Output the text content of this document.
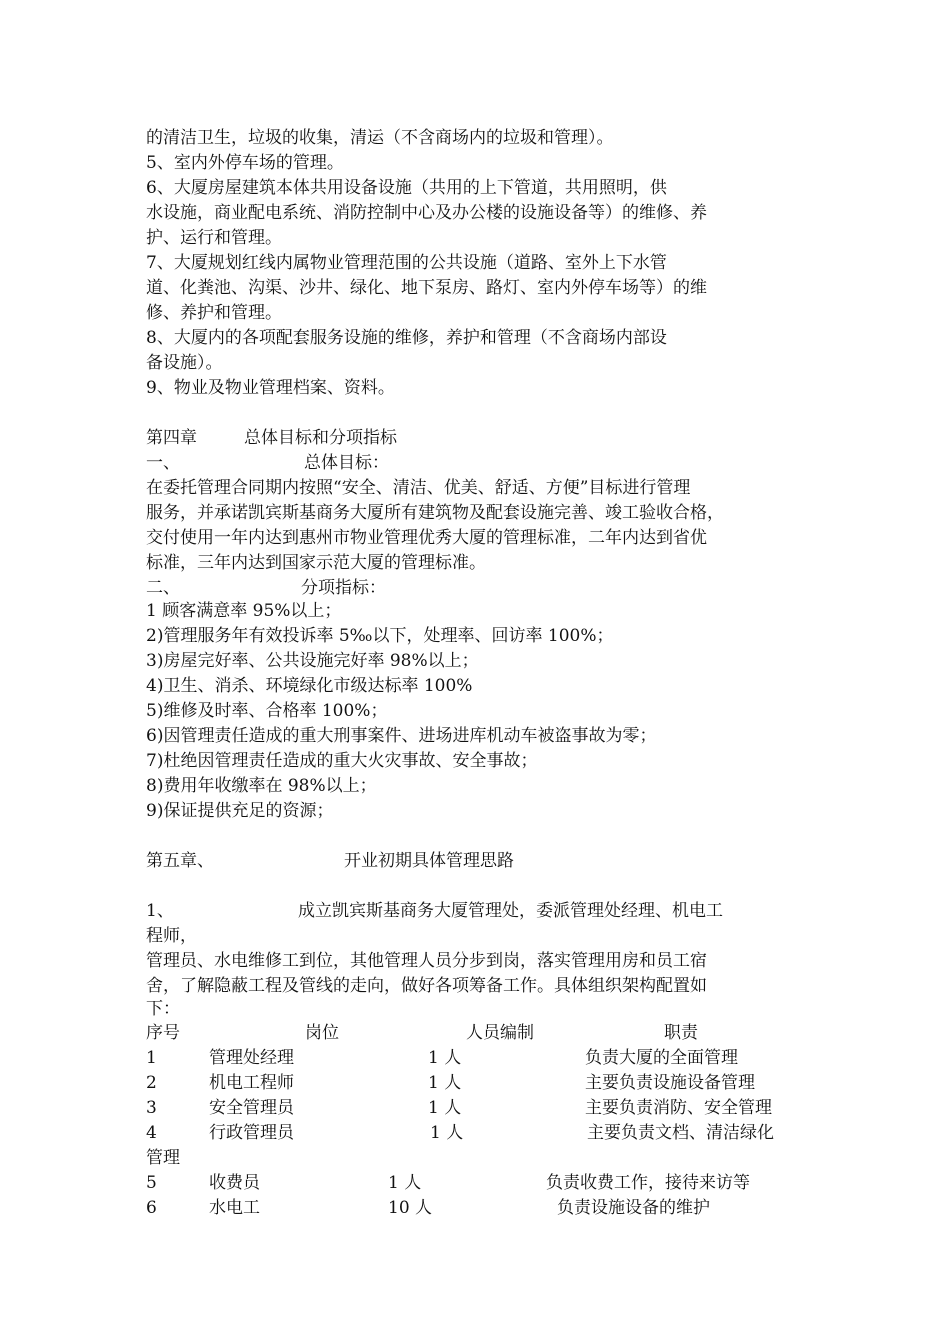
的清洁卫生，垃圾的收集，清运（不含商场内的垃圾和管理）。

5、室内外停车场的管理。

6、大厦房屋建筑本体共用设备设施（共用的上下管道，共用照明，供

水设施，商业配电系统、消防控制中心及办公楼的设施设备等）的维修、养

护、运行和管理。

7、大厦规划红线内属物业管理范围的公共设施（道路、室外上下水管

道、化粪池、沟渠、沙井、绿化、地下泵房、路灯、室内外停车场等）的维

修、养护和管理。

8、大厦内的各项配套服务设施的维修，养护和管理（不含商场内部设

备设施）。

9、物业及物业管理档案、资料。

第四章	总体目标和分项指标

一、	总体目标：

在委托管理合同期内按照“安全、清洁、优美、舒适、方便”目标进行管理

服务，并承诺凯宾斯基商务大厦所有建筑物及配套设施完善、竣工验收合格，

交付使用一年内达到惠州市物业管理优秀大厦的管理标准，二年内达到省优

标准，三年内达到国家示范大厦的管理标准。

二、	分项指标：

1 顾客满意率 95%以上；

2)管理服务年有效投诉率 5‰以下，处理率、回访率 100%；

3)房屋完好率、公共设施完好率 98%以上；

4)卫生、消杀、环境绿化市级达标率 100%

5)维修及时率、合格率 100%；

6)因管理责任造成的重大刑事案件、进场进库机动车被盗事故为零；

7)杜绝因管理责任造成的重大火灾事故、安全事故；

8)费用年收缴率在 98%以上；

9)保证提供充足的资源；

第五章、	开业初期具体管理思路

1、	成立凯宾斯基商务大厦管理处，委派管理处经理、机电工

程师，

管理员、水电维修工到位，其他管理人员分步到岗，落实管理用房和员工宿

舍，了解隐蔽工程及管线的走向，做好各项筹备工作。具体组织架构配置如

下：

序号	岗位	人员编制	职责

1	管理处经理	1 人	负责大厦的全面管理

2	机电工程师	1 人	主要负责设施设备管理

3	安全管理员	1 人	主要负责消防、安全管理

4	行政管理员	1 人	主要负责文档、清洁绿化

管理

5	收费员	1 人	负责收费工作，接待来访等

6	水电工	10 人	负责设施设备的维护
